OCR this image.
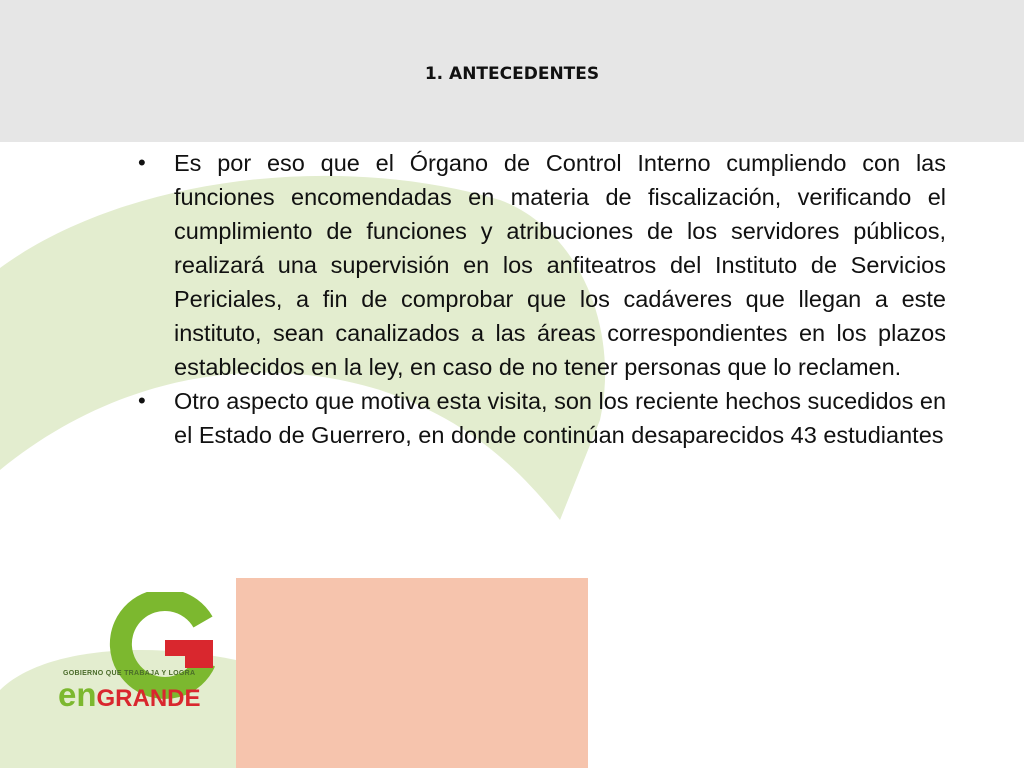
1. ANTECEDENTES
•	Es por eso que el Órgano de Control Interno cumpliendo con las funciones encomendadas en materia de fiscalización, verificando el cumplimiento de funciones y atribuciones de los servidores públicos, realizará una supervisión en los anfiteatros del Instituto de Servicios Periciales, a fin de comprobar que los cadáveres que llegan a este instituto, sean canalizados a las áreas correspondientes en los plazos establecidos en la ley, en caso de no tener personas que lo reclamen.
•	Otro aspecto que motiva esta visita, son los reciente hechos sucedidos en el Estado de Guerrero, en donde continúan desaparecidos 43 estudiantes
.
GOBIERNO QUE TRABAJA Y LOGRA
enGRANDE
